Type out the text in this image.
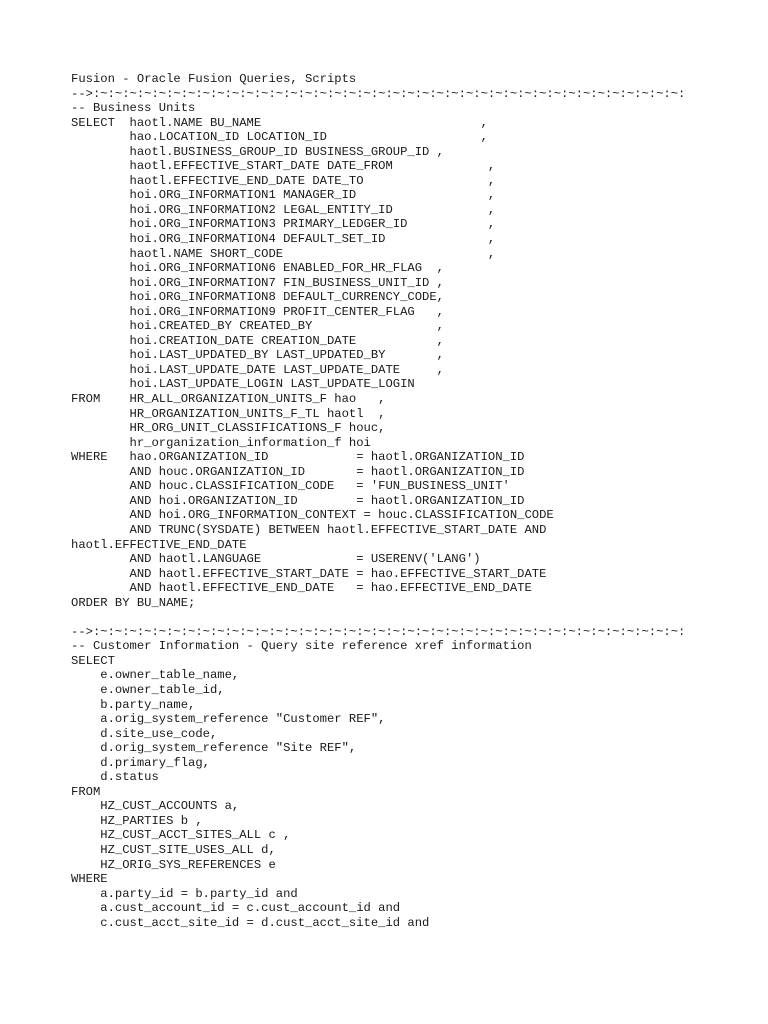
Fusion - Oracle Fusion Queries, Scripts
-->:~:~:~:~:~:~:~:~:~:~:~:~:~:~:~:~:~:~:~:~:~:~:~:~:~:~:~:~:~:~:~:~:~:~:~:~:~:~:~:~:
-- Business Units
SELECT  haotl.NAME BU_NAME                              ,
hao.LOCATION_ID LOCATION_ID                     ,
haotl.BUSINESS_GROUP_ID BUSINESS_GROUP_ID ,
haotl.EFFECTIVE_START_DATE DATE_FROM             ,
haotl.EFFECTIVE_END_DATE DATE_TO                 ,
hoi.ORG_INFORMATION1 MANAGER_ID                  ,
hoi.ORG_INFORMATION2 LEGAL_ENTITY_ID             ,
hoi.ORG_INFORMATION3 PRIMARY_LEDGER_ID           ,
hoi.ORG_INFORMATION4 DEFAULT_SET_ID              ,
haotl.NAME SHORT_CODE                            ,
hoi.ORG_INFORMATION6 ENABLED_FOR_HR_FLAG  ,
hoi.ORG_INFORMATION7 FIN_BUSINESS_UNIT_ID ,
hoi.ORG_INFORMATION8 DEFAULT_CURRENCY_CODE,
hoi.ORG_INFORMATION9 PROFIT_CENTER_FLAG   ,
hoi.CREATED_BY CREATED_BY                 ,
hoi.CREATION_DATE CREATION_DATE           ,
hoi.LAST_UPDATED_BY LAST_UPDATED_BY       ,
hoi.LAST_UPDATE_DATE LAST_UPDATE_DATE     ,
hoi.LAST_UPDATE_LOGIN LAST_UPDATE_LOGIN
FROM    HR_ALL_ORGANIZATION_UNITS_F hao   ,
HR_ORGANIZATION_UNITS_F_TL haotl  ,
HR_ORG_UNIT_CLASSIFICATIONS_F houc,
hr_organization_information_f hoi
WHERE   hao.ORGANIZATION_ID            = haotl.ORGANIZATION_ID
AND houc.ORGANIZATION_ID       = haotl.ORGANIZATION_ID
AND houc.CLASSIFICATION_CODE   = 'FUN_BUSINESS_UNIT'
AND hoi.ORGANIZATION_ID        = haotl.ORGANIZATION_ID
AND hoi.ORG_INFORMATION_CONTEXT = houc.CLASSIFICATION_CODE
AND TRUNC(SYSDATE) BETWEEN haotl.EFFECTIVE_START_DATE AND
haotl.EFFECTIVE_END_DATE
AND haotl.LANGUAGE             = USERENV('LANG')
AND haotl.EFFECTIVE_START_DATE = hao.EFFECTIVE_START_DATE
AND haotl.EFFECTIVE_END_DATE   = hao.EFFECTIVE_END_DATE
ORDER BY BU_NAME;
-->:~:~:~:~:~:~:~:~:~:~:~:~:~:~:~:~:~:~:~:~:~:~:~:~:~:~:~:~:~:~:~:~:~:~:~:~:~:~:~:~:
-- Customer Information - Query site reference xref information
SELECT
e.owner_table_name,
e.owner_table_id,
b.party_name,
a.orig_system_reference "Customer REF",
d.site_use_code,
d.orig_system_reference "Site REF",
d.primary_flag,
d.status
FROM
HZ_CUST_ACCOUNTS a,
HZ_PARTIES b ,
HZ_CUST_ACCT_SITES_ALL c ,
HZ_CUST_SITE_USES_ALL d,
HZ_ORIG_SYS_REFERENCES e
WHERE
a.party_id = b.party_id and
a.cust_account_id = c.cust_account_id and
c.cust_acct_site_id = d.cust_acct_site_id and
